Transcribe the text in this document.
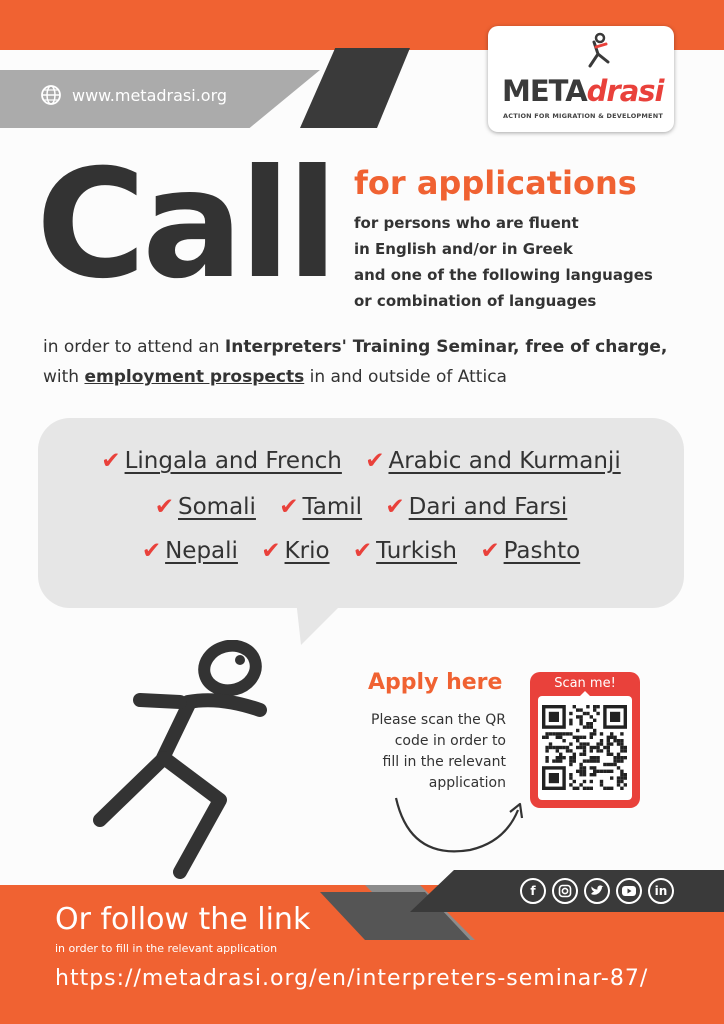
www.metadrasi.org	METAdrasi
ACTION FOR MIGRATION & DEVELOPMENT
Call for applications
for persons who are fluent
in English and/or in Greek
and one of the following languages
or combination of languages
in order to attend an Interpreters' Training Seminar, free of charge,
with employment prospects in and outside of Attica
✔ Lingala and French ✔ Arabic and Kurmanji
✔ Somali ✔ Tamil ✔ Dari and Farsi
✔ Nepali ✔ Krio ✔ Turkish ✔ Pashto
Apply here
Please scan the QR
code in order to
fill in the relevant
application
Scan me!
f	in
Or follow the link
in order to fill in the relevant application
https://metadrasi.org/en/interpreters-seminar-87/
